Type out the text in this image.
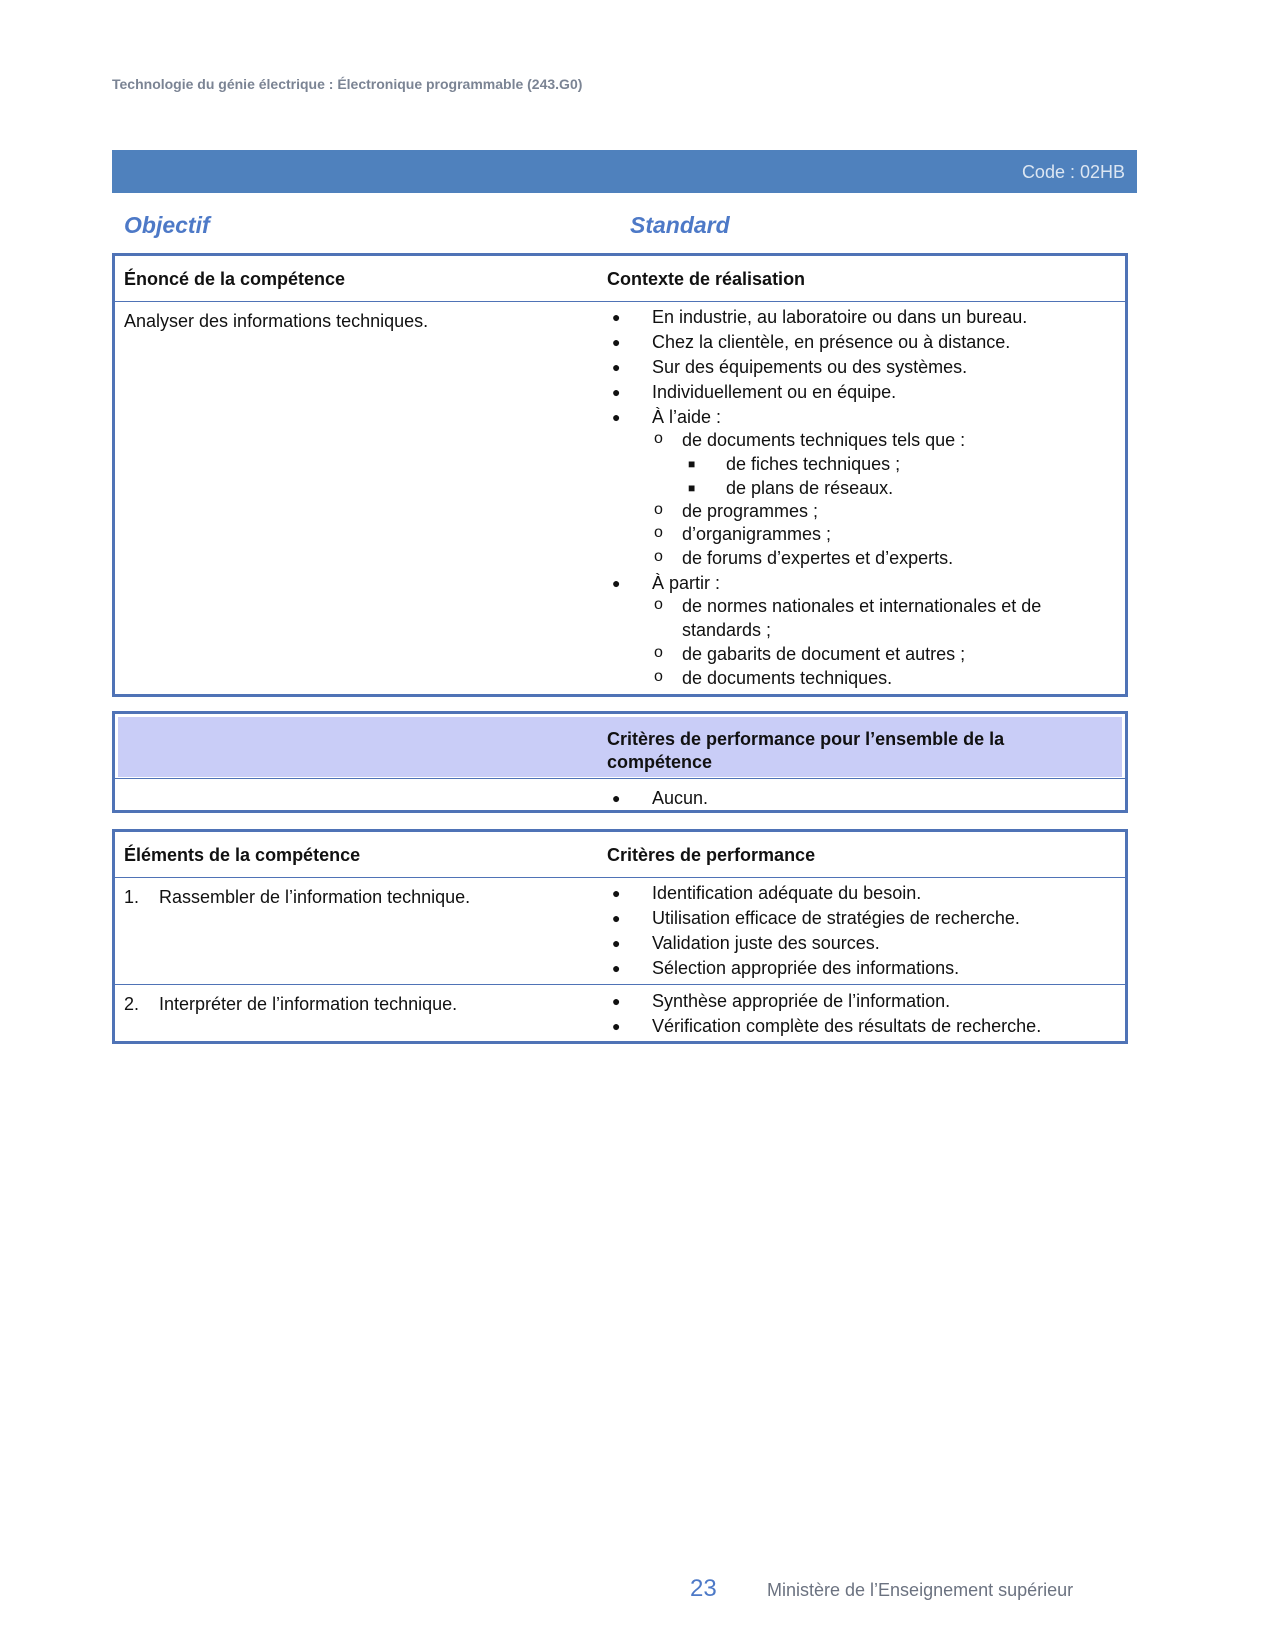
Technologie du génie électrique : Électronique programmable (243.G0)
Code : 02HB
Objectif	Standard
Énoncé de la compétence	Contexte de réalisation
Analyser des informations techniques.	● En industrie, au laboratoire ou dans un bureau.
● Chez la clientèle, en présence ou à distance.
● Sur des équipements ou des systèmes.
● Individuellement ou en équipe.
● À l’aide :
o de documents techniques tels que :
■ de fiches techniques ;
■ de plans de réseaux.
o de programmes ;
o d’organigrammes ;
o de forums d’expertes et d’experts.
● À partir :
o de normes nationales et internationales et de
standards ;
o de gabarits de document et autres ;
o de documents techniques.
Critères de performance pour l’ensemble de la
compétence
● Aucun.
Éléments de la compétence	Critères de performance
1. Rassembler de l’information technique.	● Identification adéquate du besoin.
● Utilisation efficace de stratégies de recherche.
● Validation juste des sources.
● Sélection appropriée des informations.
2. Interpréter de l’information technique.	● Synthèse appropriée de l’information.
● Vérification complète des résultats de recherche.
23	Ministère de l’Enseignement supérieur
